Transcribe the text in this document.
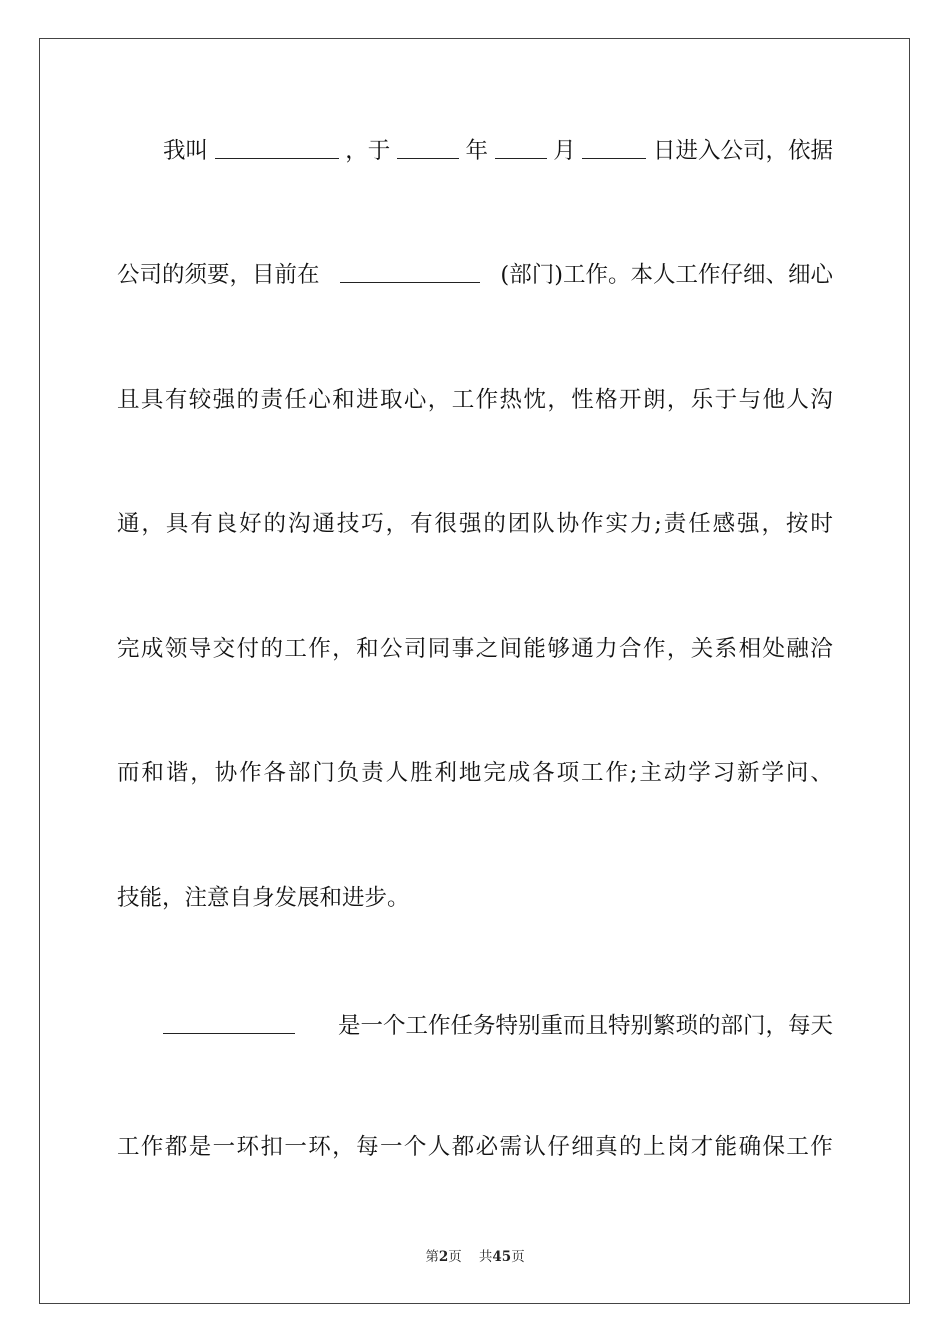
我叫	，于	年	月	日进入公司，依据
公司的须要，目前在	(部门)工作。本人工作仔细、细心
且 具 有 较 强 的 责 任 心 和 进 取 心 ， 工 作 热 忱 ， 性 格 开 朗 ， 乐 于 与 他 人 沟
通 ， 具 有 良 好 的 沟 通 技 巧 ， 有 很 强 的 团 队 协 作 实 力 ; 责 任 感 强 ， 按 时
完 成 领 导 交 付 的 工 作 ， 和 公 司 同 事 之 间 能 够 通 力 合 作 ， 关 系 相 处 融 洽
而 和 谐 ， 协 作 各 部 门 负 责 人 胜 利 地 完 成 各 项 工 作 ; 主 动 学 习 新 学 问 、
技能，注意自身发展和进步。
是一个工作任务特别重而且特别繁琐的部门，每天
工 作 都 是 一 环 扣 一 环 ， 每 一 个 人 都 必 需 认 仔 细 真 的 上 岗 才 能 确 保 工 作
第2页 共45页
